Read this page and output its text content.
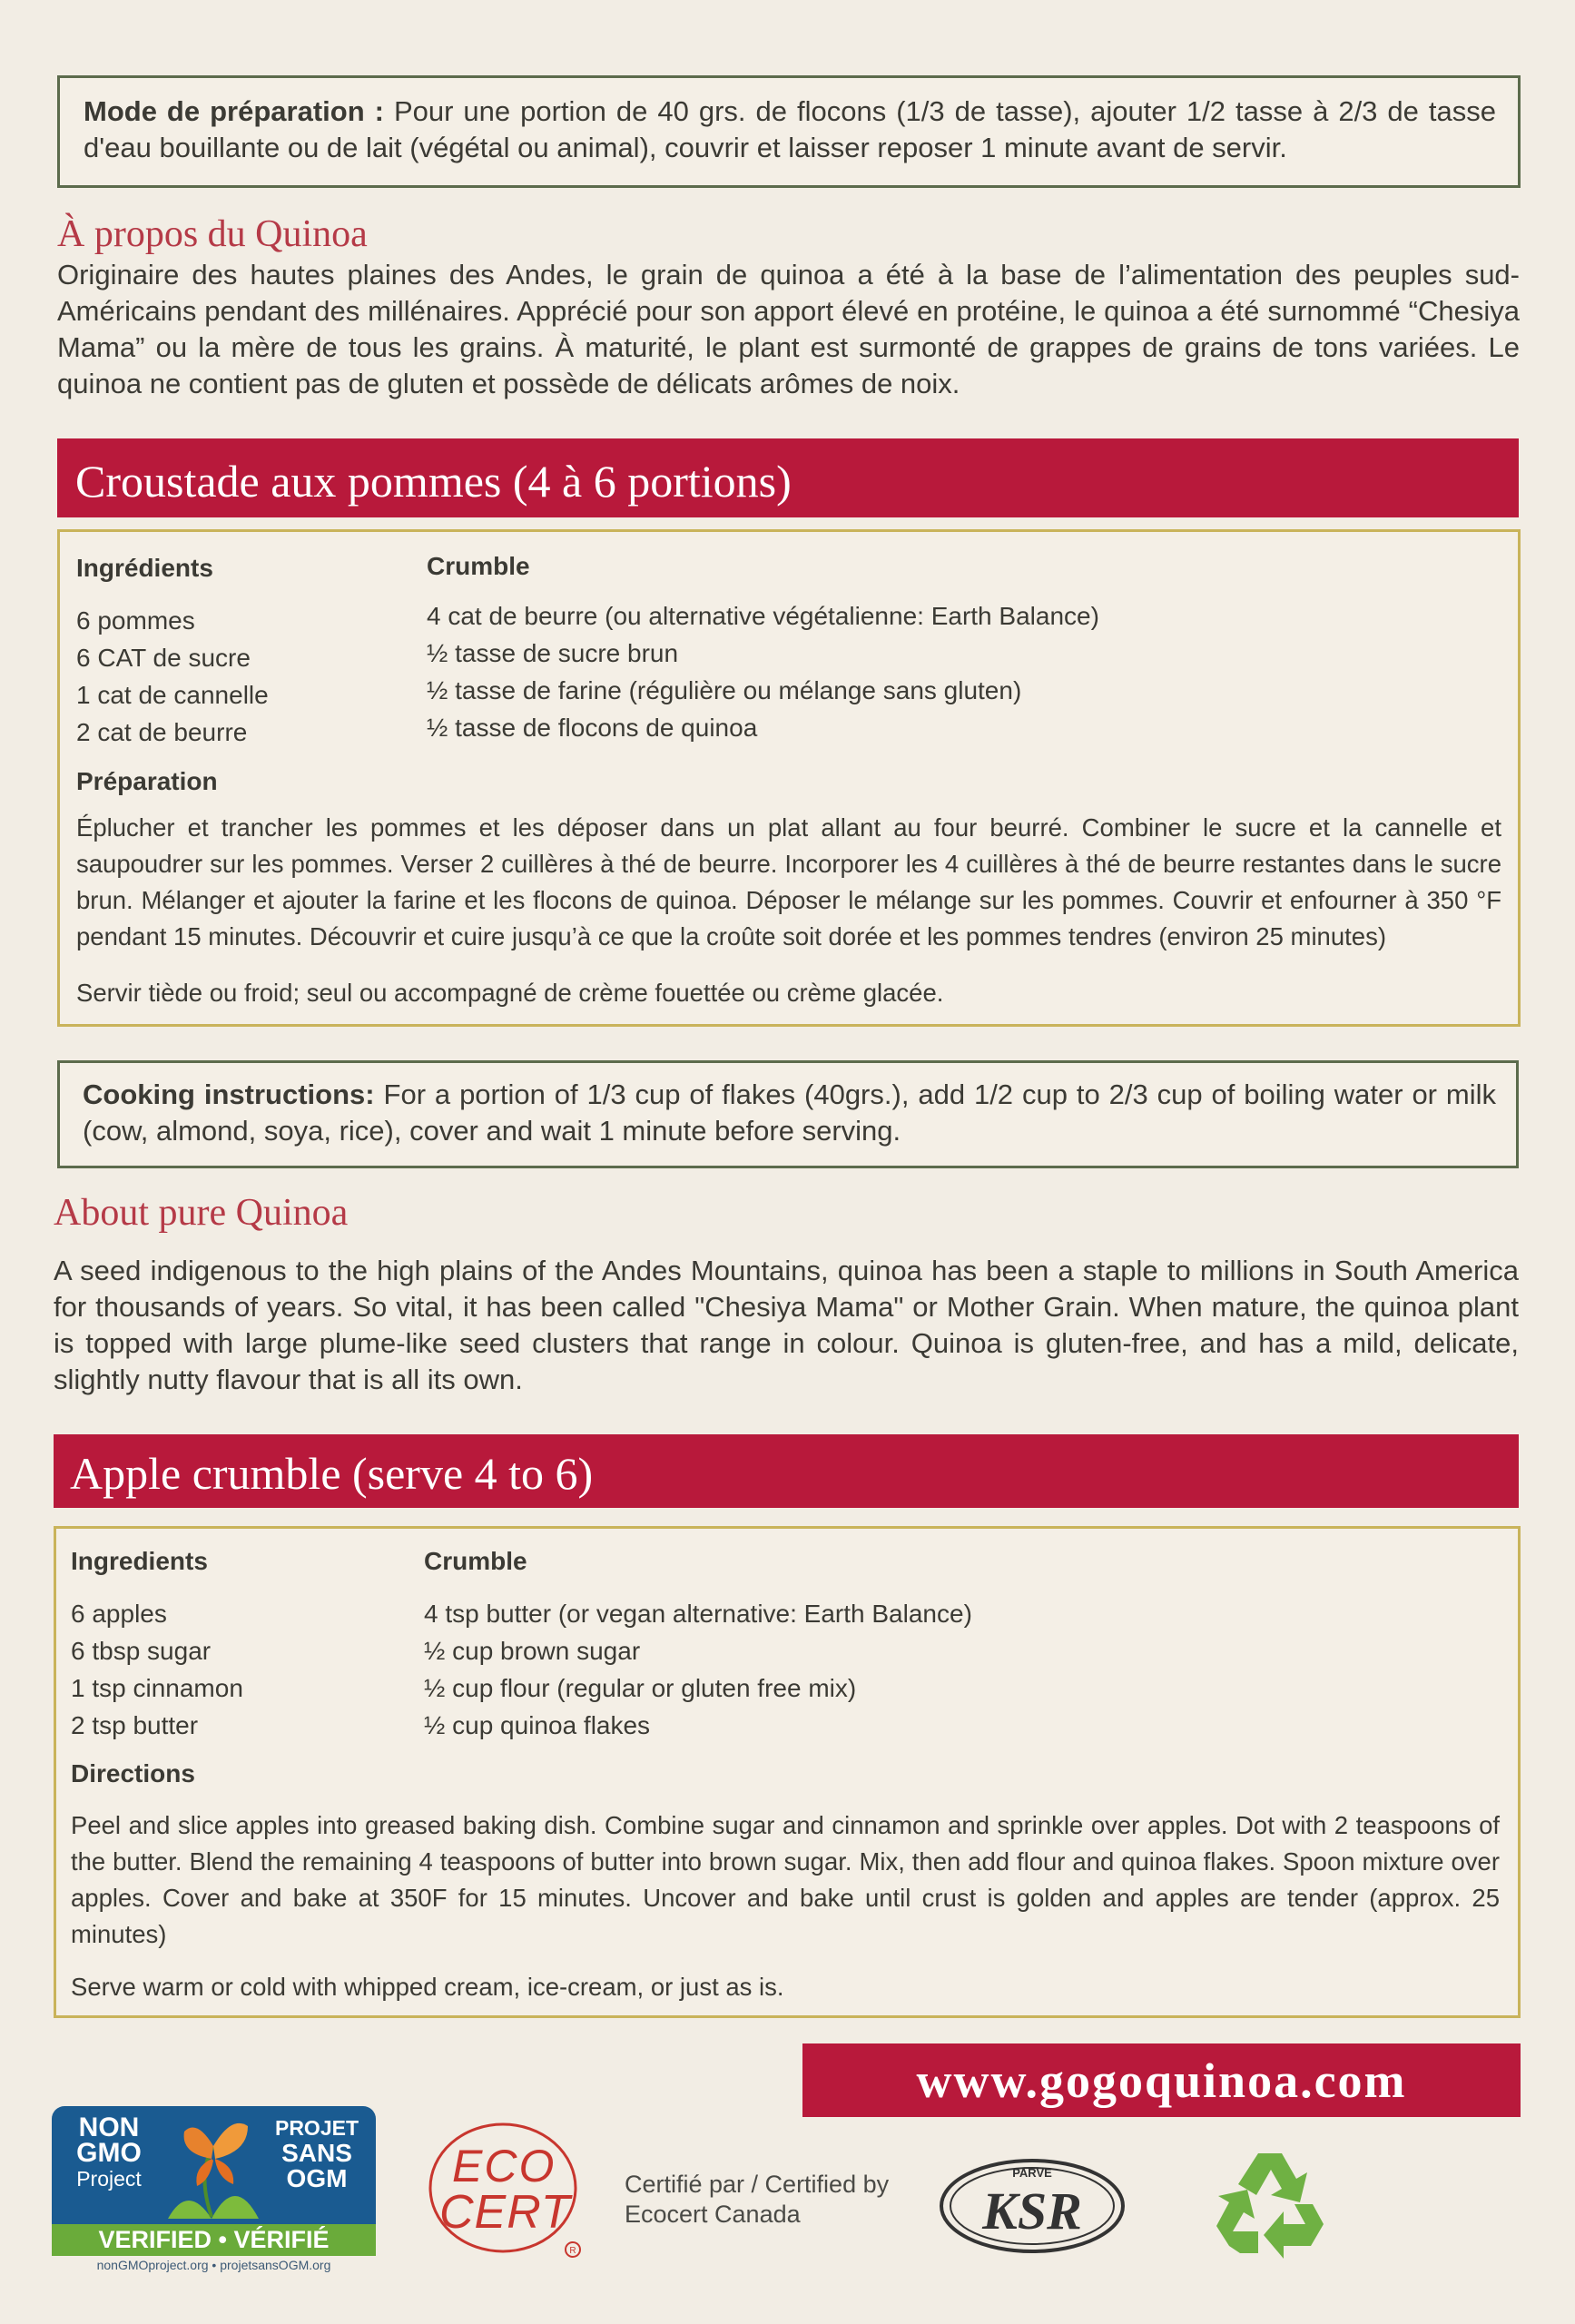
Mode de préparation : Pour une portion de 40 grs. de flocons (1/3 de tasse), ajouter 1/2 tasse à 2/3 de tasse d'eau bouillante ou de lait (végétal ou animal), couvrir et laisser reposer 1 minute avant de servir.
À propos du Quinoa
Originaire des hautes plaines des Andes, le grain de quinoa a été à la base de l’alimentation des peuples sud-Américains pendant des millénaires. Apprécié pour son apport élevé en protéine, le quinoa a été surnommé “Chesiya Mama” ou la mère de tous les grains. À maturité, le plant est surmonté de grappes de grains de tons variées. Le quinoa ne contient pas de gluten et possède de délicats arômes de noix.
Croustade aux pommes (4 à 6 portions)
Ingrédients	Crumble
6 pommes
6 CAT de sucre
1 cat de cannelle
2 cat de beurre
4 cat de beurre (ou alternative végétalienne: Earth Balance)
½ tasse de sucre brun
½ tasse de farine (régulière ou mélange sans gluten)
½ tasse de flocons de quinoa
Préparation
Éplucher et trancher les pommes et les déposer dans un plat allant au four beurré. Combiner le sucre et la cannelle et saupoudrer sur les pommes. Verser 2 cuillères à thé de beurre. Incorporer les 4 cuillères à thé de beurre restantes dans le sucre brun. Mélanger et ajouter la farine et les flocons de quinoa. Déposer le mélange sur les pommes. Couvrir et enfourner à 350 °F pendant 15 minutes. Découvrir et cuire jusqu’à ce que la croûte soit dorée et les pommes tendres (environ 25 minutes)
Servir tiède ou froid; seul ou accompagné de crème fouettée ou crème glacée.
Cooking instructions: For a portion of 1/3 cup of flakes (40grs.), add 1/2 cup to 2/3 cup of boiling water or milk (cow, almond, soya, rice), cover and wait 1 minute before serving.
About pure Quinoa
A seed indigenous to the high plains of the Andes Mountains, quinoa has been a staple to millions in South America for thousands of years. So vital, it has been called "Chesiya Mama" or Mother Grain. When mature, the quinoa plant is topped with large plume-like seed clusters that range in colour. Quinoa is gluten-free, and has a mild, delicate, slightly nutty flavour that is all its own.
Apple crumble (serve 4 to 6)
Ingredients	Crumble
6 apples
6 tbsp sugar
1 tsp cinnamon
2 tsp butter
4 tsp butter (or vegan alternative: Earth Balance)
½ cup brown sugar
½ cup flour (regular or gluten free mix)
½ cup quinoa flakes
Directions
Peel and slice apples into greased baking dish. Combine sugar and cinnamon and sprinkle over apples. Dot with 2 teaspoons of the butter. Blend the remaining 4 teaspoons of butter into brown sugar. Mix, then add flour and quinoa flakes. Spoon mixture over apples. Cover and bake at 350F for 15 minutes. Uncover and bake until crust is golden and apples are tender (approx. 25 minutes)
Serve warm or cold with whipped cream, ice-cream, or just as is.
www.gogoquinoa.com
NON
GMO
Project
PROJET
SANS
OGM
VERIFIED • VÉRIFIÉ
nonGMOproject.org • projetsansOGM.org
R
ECO
CERT
Certifié par / Certified by
Ecocert Canada
PARVE
KSR
